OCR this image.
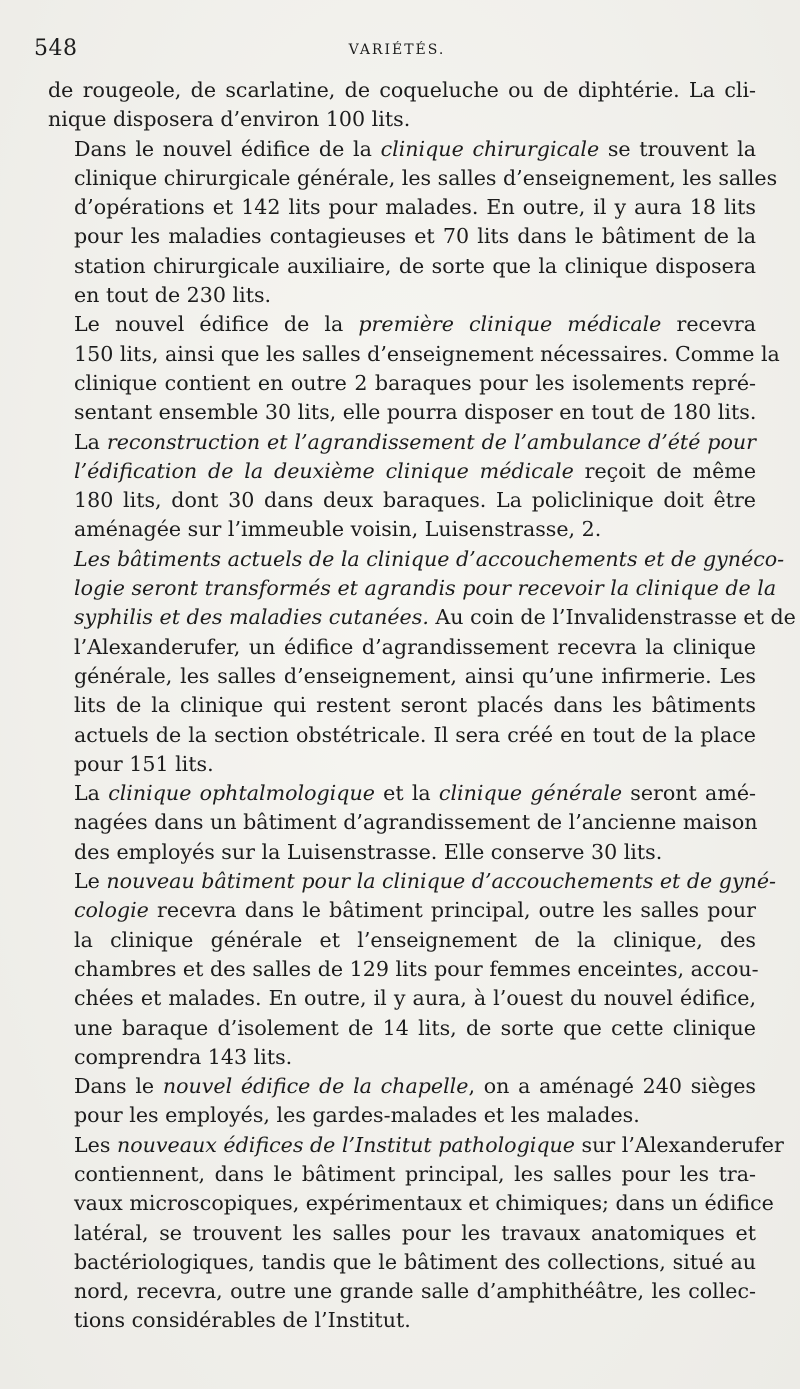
548	VARIÉTÉS.
de rougeole, de scarlatine, de coqueluche ou de diphtérie. La cli-
nique disposera d’environ 100 lits.
Dans le nouvel édifice de la clinique chirurgicale se trouvent la
clinique chirurgicale générale, les salles d’enseignement, les salles
d’opérations et 142 lits pour malades. En outre, il y aura 18 lits
pour les maladies contagieuses et 70 lits dans le bâtiment de la
station chirurgicale auxiliaire, de sorte que la clinique disposera
en tout de 230 lits.
Le nouvel édifice de la première clinique médicale recevra
150 lits, ainsi que les salles d’enseignement nécessaires. Comme la
clinique contient en outre 2 baraques pour les isolements repré-
sentant ensemble 30 lits, elle pourra disposer en tout de 180 lits.
La reconstruction et l’agrandissement de l’ambulance d’été pour
l’édification de la deuxième clinique médicale reçoit de même
180 lits, dont 30 dans deux baraques. La policlinique doit être
aménagée sur l’immeuble voisin, Luisenstrasse, 2.
Les bâtiments actuels de la clinique d’accouchements et de gynéco-
logie seront transformés et agrandis pour recevoir la clinique de la
syphilis et des maladies cutanées. Au coin de l’Invalidenstrasse et de
l’Alexanderufer, un édifice d’agrandissement recevra la clinique
générale, les salles d’enseignement, ainsi qu’une infirmerie. Les
lits de la clinique qui restent seront placés dans les bâtiments
actuels de la section obstétricale. Il sera créé en tout de la place
pour 151 lits.
La clinique ophtalmologique et la clinique générale seront amé-
nagées dans un bâtiment d’agrandissement de l’ancienne maison
des employés sur la Luisenstrasse. Elle conserve 30 lits.
Le nouveau bâtiment pour la clinique d’accouchements et de gyné-
cologie recevra dans le bâtiment principal, outre les salles pour
la clinique générale et l’enseignement de la clinique, des
chambres et des salles de 129 lits pour femmes enceintes, accou-
chées et malades. En outre, il y aura, à l’ouest du nouvel édifice,
une baraque d’isolement de 14 lits, de sorte que cette clinique
comprendra 143 lits.
Dans le nouvel édifice de la chapelle, on a aménagé 240 sièges
pour les employés, les gardes-malades et les malades.
Les nouveaux édifices de l’Institut pathologique sur l’Alexanderufer
contiennent, dans le bâtiment principal, les salles pour les tra-
vaux microscopiques, expérimentaux et chimiques; dans un édifice
latéral, se trouvent les salles pour les travaux anatomiques et
bactériologiques, tandis que le bâtiment des collections, situé au
nord, recevra, outre une grande salle d’amphithéâtre, les collec-
tions considérables de l’Institut.
